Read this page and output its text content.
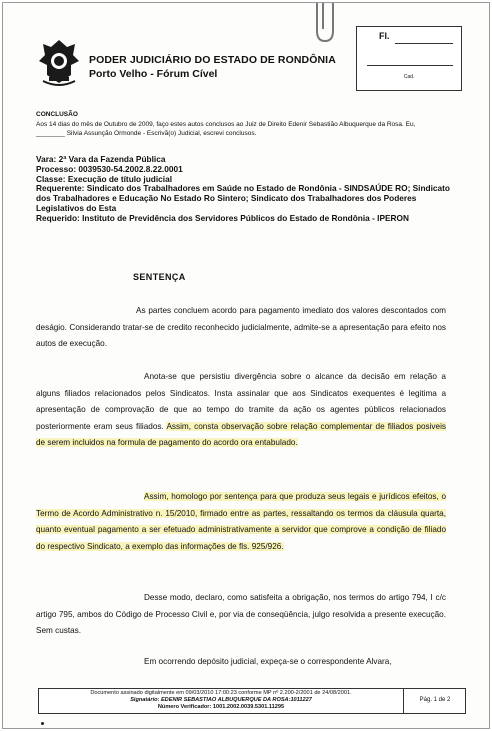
PODER JUDICIÁRIO DO ESTADO DE RONDÔNIA
Porto Velho - Fórum Cível
Fl.
Cad.
CONCLUSÃO
Aos 14 dias do mês de Outubro de 2009, faço estes autos conclusos ao Juiz de Direito Edenir Sebastião Albuquerque da Rosa. Eu, ________ Silvia Assunção Ormonde - Escrivã(o) Judicial, escrevi conclusos.
Vara: 2ª Vara da Fazenda Pública
Processo: 0039530-54.2002.8.22.0001
Classe: Execução de título judicial
Requerente: Sindicato dos Trabalhadores em Saúde no Estado de Rondônia - SINDSAÚDE RO; Sindicato dos Trabalhadores e Educação No Estado Ro Sintero; Sindicato dos Trabalhadores dos Poderes Legislativos do Esta
Requerido: Instituto de Previdência dos Servidores Públicos do Estado de Rondônia - IPERON
SENTENÇA

As partes concluem acordo para pagamento imediato dos valores descontados com deságio. Considerando tratar-se de credito reconhecido judicialmente, admite-se a apresentação para efeito nos autos de execução.

Anota-se que persistiu divergência sobre o alcance da decisão em relação a alguns filiados relacionados pelos Sindicatos. Insta assinalar que aos Sindicatos exequentes é legitima a apresentação de comprovação de que ao tempo do tramite da ação os agentes públicos relacionados posteriormente eram seus filiados. Assim, consta observação sobre relação complementar de filiados posiveis de serem incluidos na formula de pagamento do acordo ora entabulado.

Assim, homologo por sentença para que produza seus legais e jurídicos efeitos, o Termo de Acordo Administrativo n. 15/2010, firmado entre as partes, ressaltando os termos da cláusula quarta, quanto eventual pagamento a ser efetuado administrativamente a servidor que comprove a condição de filiado do respectivo Sindicato, a exemplo das informações de fls. 925/926.

Desse modo, declaro, como satisfeita a obrigação, nos termos do artigo 794, I c/c artigo 795, ambos do Código de Processo Civil e, por via de conseqüência, julgo resolvida a presente execução. Sem custas.

Em ocorrendo depósito judicial, expeça-se o correspondente Alvara,

Documento assinado digitalmente em 09/03/2010 17:00:23 conforme MP nº 2.200-2/2001 de 24/08/2001.
Signatário: EDENIR SEBASTIAO ALBUQUERQUE DA ROSA:1011227
Número Verificador: 1001.2002.0039.5301.11295
Pág. 1 de 2
